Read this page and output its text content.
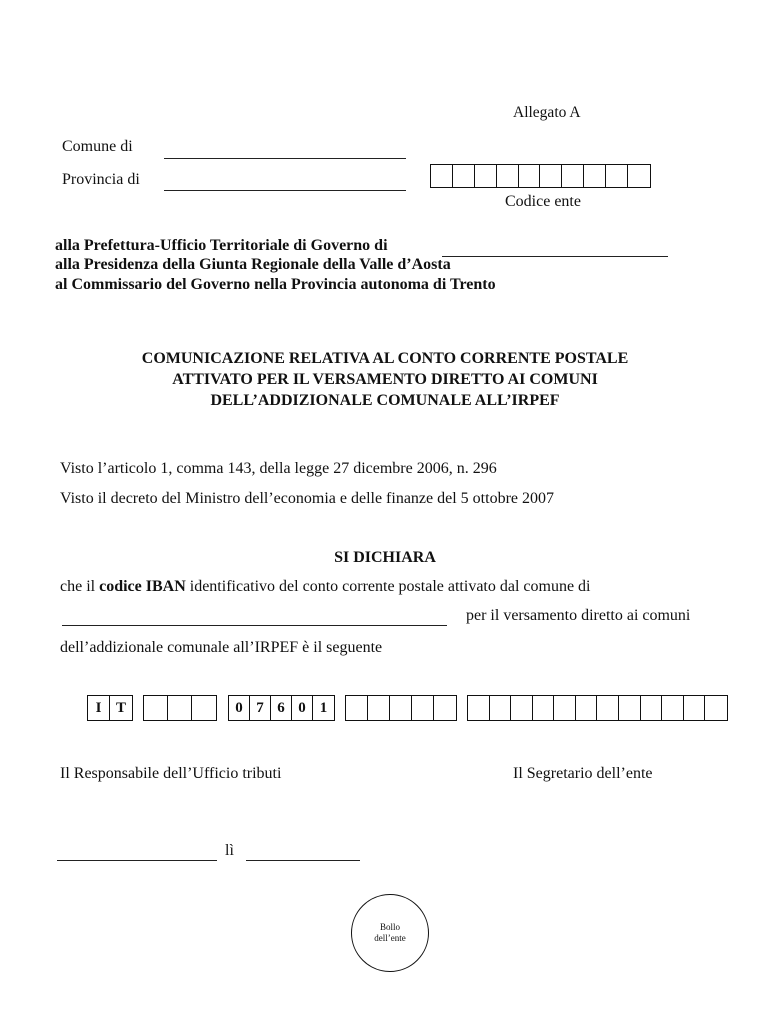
Allegato A
Comune di
Provincia di
Codice ente
alla Prefettura-Ufficio Territoriale di Governo di
alla Presidenza della Giunta Regionale della Valle d’Aosta
al Commissario del Governo nella Provincia autonoma di Trento
COMUNICAZIONE RELATIVA AL CONTO CORRENTE POSTALE
ATTIVATO PER IL VERSAMENTO DIRETTO AI COMUNI
DELL’ADDIZIONALE COMUNALE ALL’IRPEF
Visto l’articolo 1, comma 143, della legge 27 dicembre 2006, n. 296
Visto il decreto del Ministro dell’economia e delle finanze del 5 ottobre 2007
SI DICHIARA
che il codice IBAN identificativo del conto corrente postale attivato dal comune di
per il versamento diretto ai comuni
dell’addizionale comunale all’IRPEF è il seguente
I T	0 7 6 0 1
Il Responsabile dell’Ufficio tributi	Il Segretario dell’ente
lì
Bollo
dell’ente
